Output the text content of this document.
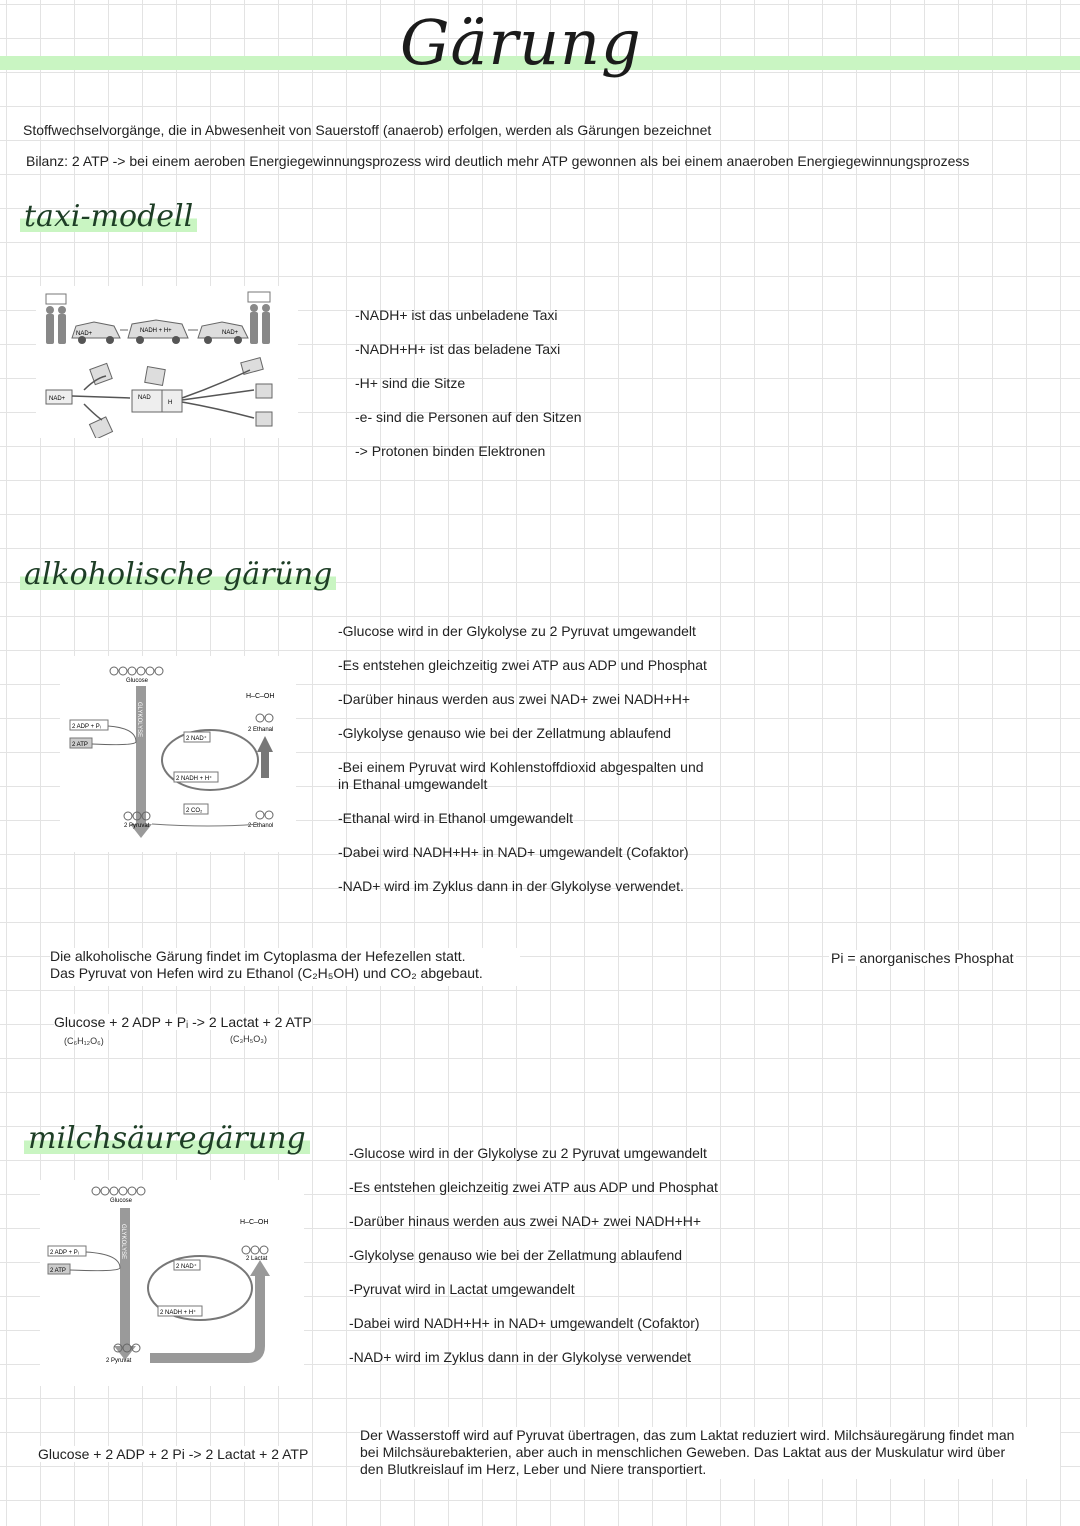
Gärung
Stoffwechselvorgänge, die in Abwesenheit von Sauerstoff (anaerob) erfolgen, werden als Gärungen bezeichnet
Bilanz: 2 ATP -> bei einem aeroben Energiegewinnungsprozess wird deutlich mehr ATP gewonnen als bei einem anaeroben Energiegewinnungsprozess
taxi-modell
NAD+	NADH + H+	NAD+
NAD+	NAD
H
-NADH+ ist das unbeladene Taxi
-NADH+H+ ist das beladene Taxi
-H+ sind die Sitze
-e- sind die Personen auf den Sitzen
-> Protonen binden Elektronen
alkoholische gärüng
Glucose
GLYKOLYSE
2 ADP + Pᵢ
2 ATP
2 NAD⁺
2 NADH + H⁺
2 CO₂
H–C–OH
2 Ethanal
2 Ethanol
2 Pyruvat
-Glucose wird in der Glykolyse zu 2 Pyruvat umgewandelt
-Es entstehen gleichzeitig zwei ATP aus ADP und Phosphat
-Darüber hinaus werden aus zwei NAD+ zwei NADH+H+
-Glykolyse genauso wie bei der Zellatmung ablaufend
-Bei einem Pyruvat wird Kohlenstoffdioxid abgespalten und
in Ethanal umgewandelt
-Ethanal wird in Ethanol umgewandelt
-Dabei wird NADH+H+ in NAD+ umgewandelt (Cofaktor)
-NAD+ wird im Zyklus dann in der Glykolyse verwendet.
Die alkoholische Gärung findet im Cytoplasma der Hefezellen statt.
Das Pyruvat von Hefen wird zu Ethanol (C₂H₅OH) und CO₂ abgebaut.
Pi = anorganisches Phosphat
Glucose + 2 ADP + Pᵢ -> 2 Lactat + 2 ATP
(C₆H₁₂O₆)	(C₃H₅O₃)
milchsäuregärung
Glucose
GLYKOLYSE
2 ADP + Pᵢ
2 ATP
2 NAD⁺
2 NADH + H⁺
H–C–OH
2 Lactat
2 Pyruvat
-Glucose wird in der Glykolyse zu 2 Pyruvat umgewandelt
-Es entstehen gleichzeitig zwei ATP aus ADP und Phosphat
-Darüber hinaus werden aus zwei NAD+ zwei NADH+H+
-Glykolyse genauso wie bei der Zellatmung ablaufend
-Pyruvat wird in Lactat umgewandelt
-Dabei wird NADH+H+ in NAD+ umgewandelt (Cofaktor)
-NAD+ wird im Zyklus dann in der Glykolyse verwendet
Glucose + 2 ADP + 2 Pi -> 2 Lactat + 2 ATP
Der Wasserstoff wird auf Pyruvat übertragen, das zum Laktat reduziert wird. Milchsäuregärung findet man
bei Milchsäurebakterien, aber auch in menschlichen Geweben. Das Laktat aus der Muskulatur wird über
den Blutkreislauf im Herz, Leber und Niere transportiert.
